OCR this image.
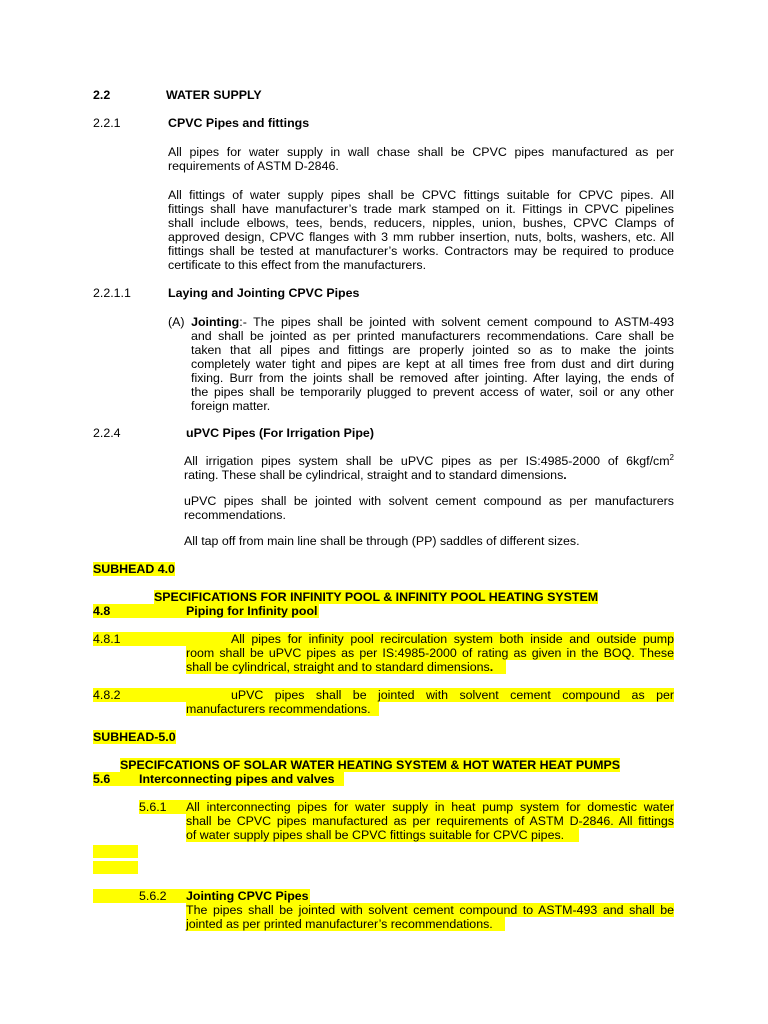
2.2	WATER SUPPLY
2.2.1	CPVC Pipes and fittings
All pipes for water supply in wall chase shall be CPVC pipes manufactured as per
requirements of ASTM D-2846.
All fittings of water supply pipes shall be CPVC fittings suitable for CPVC pipes. All
fittings shall have manufacturer’s trade mark stamped on it. Fittings in CPVC pipelines
shall include elbows, tees, bends, reducers, nipples, union, bushes, CPVC Clamps of
approved design, CPVC flanges with 3 mm rubber insertion, nuts, bolts, washers, etc. All
fittings shall be tested at manufacturer’s works. Contractors may be required to produce
certificate to this effect from the manufacturers.
2.2.1.1	Laying and Jointing CPVC Pipes
(A) Jointing:- The pipes shall be jointed with solvent cement compound to ASTM-493
and shall be jointed as per printed manufacturers recommendations. Care shall be
taken that all pipes and fittings are properly jointed so as to make the joints
completely water tight and pipes are kept at all times free from dust and dirt during
fixing. Burr from the joints shall be removed after jointing. After laying, the ends of
the pipes shall be temporarily plugged to prevent access of water, soil or any other
foreign matter.
2.2.4	uPVC Pipes (For Irrigation Pipe)
All irrigation pipes system shall be uPVC pipes as per IS:4985-2000 of $6kgf/cm^2$
rating. These shall be cylindrical, straight and to standard dimensions.
uPVC pipes shall be jointed with solvent cement compound as per manufacturers
recommendations.
All tap off from main line shall be through (PP) saddles of different sizes.
SUBHEAD 4.0
SPECIFICATIONS FOR INFINITY POOL & INFINITY POOL HEATING SYSTEM
4.8	Piping for Infinity pool
4.8.1	All pipes for infinity pool recirculation system both inside and outside pump
room shall be uPVC pipes as per IS:4985-2000 of rating as given in the BOQ. These
shall be cylindrical, straight and to standard dimensions.
4.8.2	uPVC pipes shall be jointed with solvent cement compound as per
manufacturers recommendations.
SUBHEAD-5.0
SPECIFCATIONS OF SOLAR WATER HEATING SYSTEM & HOT WATER HEAT PUMPS
5.6 Interconnecting pipes and valves
5.6.1 All interconnecting pipes for water supply in heat pump system for domestic water
shall be CPVC pipes manufactured as per requirements of ASTM D-2846. All fittings
of water supply pipes shall be CPVC fittings suitable for CPVC pipes.
5.6.2 Jointing CPVC Pipes
The pipes shall be jointed with solvent cement compound to ASTM-493 and shall be
jointed as per printed manufacturer’s recommendations.
